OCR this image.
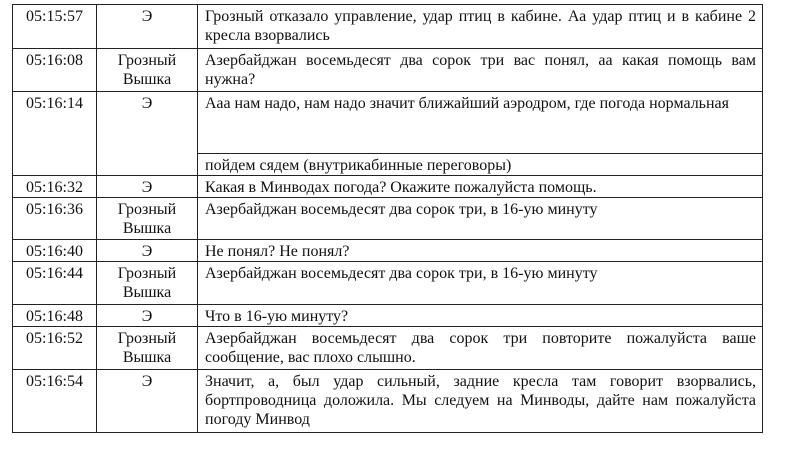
05:15:57	Э	Грозный отказало управление, удар птиц в кабине. Аа удар птиц и в кабине 2 кресла взорвались
05:16:08	Грозный Вышка	Азербайджан восемьдесят два сорок три вас понял, аа какая помощь вам нужна?
05:16:14	Э	Ааа нам надо, нам надо значит ближайший аэродром, где погода нормальная
		пойдем сядем (внутрикабинные переговоры)
05:16:32	Э	Какая в Минводах погода? Окажите пожалуйста помощь.
05:16:36	Грозный Вышка	Азербайджан восемьдесят два сорок три, в 16-ую минуту
05:16:40	Э	Не понял? Не понял?
05:16:44	Грозный Вышка	Азербайджан восемьдесят два сорок три, в 16-ую минуту
05:16:48	Э	Что в 16-ую минуту?
05:16:52	Грозный Вышка	Азербайджан восемьдесят два сорок три повторите пожалуйста ваше сообщение, вас плохо слышно.
05:16:54	Э	Значит, а, был удар сильный, задние кресла там говорит взорвались, бортпроводница доложила. Мы следуем на Минводы, дайте нам пожалуйста погоду Минвод
